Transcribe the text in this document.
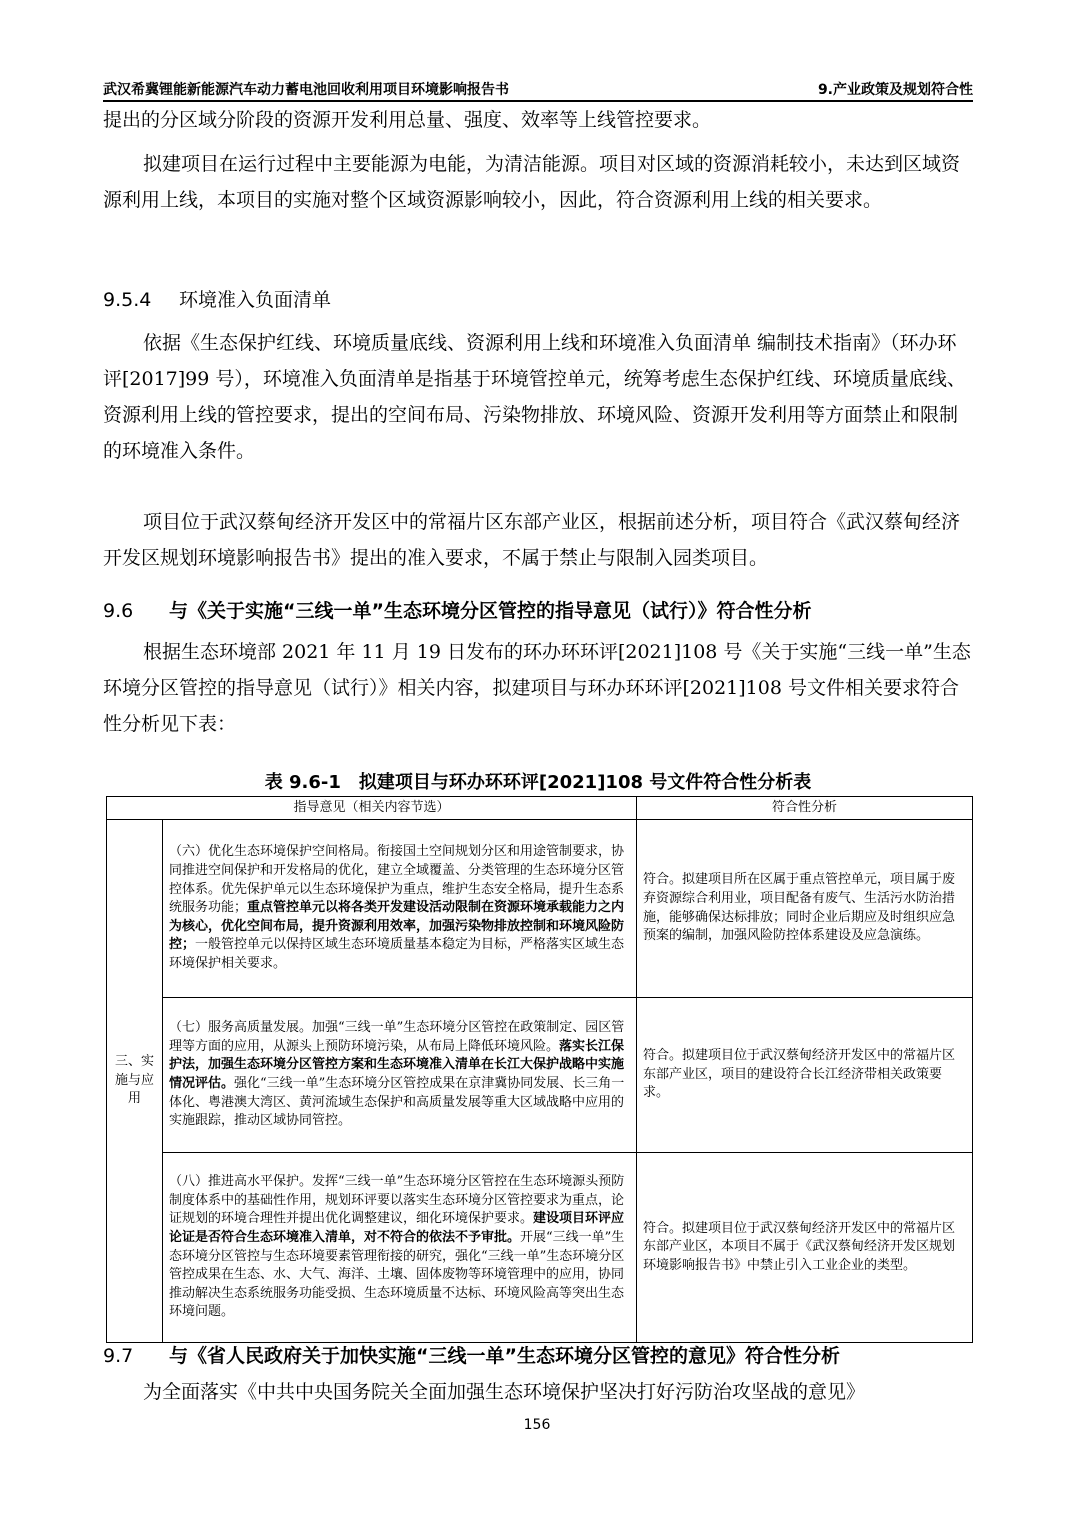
武汉希冀锂能新能源汽车动力蓄电池回收利用项目环境影响报告书	9.产业政策及规划符合性

提出的分区域分阶段的资源开发利用总量、强度、效率等上线管控要求。

拟建项目在运行过程中主要能源为电能，为清洁能源。项目对区域的资源消耗较小，未达到区域资源利用上线，本项目的实施对整个区域资源影响较小，因此，符合资源利用上线的相关要求。

9.5.4 环境准入负面清单

依据《生态保护红线、环境质量底线、资源利用上线和环境准入负面清单 编制技术指南》（环办环评[2017]99 号），环境准入负面清单是指基于环境管控单元，统筹考虑生态保护红线、环境质量底线、资源利用上线的管控要求，提出的空间布局、污染物排放、环境风险、资源开发利用等方面禁止和限制的环境准入条件。

项目位于武汉蔡甸经济开发区中的常福片区东部产业区，根据前述分析，项目符合《武汉蔡甸经济开发区规划环境影响报告书》提出的准入要求，不属于禁止与限制入园类项目。

9.6 与《关于实施“三线一单”生态环境分区管控的指导意见（试行）》符合性分析

根据生态环境部 2021 年 11 月 19 日发布的环办环环评[2021]108 号《关于实施“三线一单”生态环境分区管控的指导意见（试行）》相关内容，拟建项目与环办环环评[2021]108 号文件相关要求符合性分析见下表：

表 9.6-1　拟建项目与环办环环评[2021]108 号文件符合性分析表
指导意见（相关内容节选）		符合性分析
三、实施与应用	（六）优化生态环境保护空间格局。衔接国土空间规划分区和用途管制要求，协同推进空间保护和开发格局的优化，建立全域覆盖、分类管理的生态环境分区管控体系。优先保护单元以生态环境保护为重点，维护生态安全格局，提升生态系统服务功能；重点管控单元以将各类开发建设活动限制在资源环境承载能力之内为核心，优化空间布局，提升资源利用效率，加强污染物排放控制和环境风险防控；一般管控单元以保持区域生态环境质量基本稳定为目标，严格落实区域生态环境保护相关要求。	符合。拟建项目所在区属于重点管控单元，项目属于废弃资源综合利用业，项目配备有废气、生活污水防治措施，能够确保达标排放；同时企业后期应及时组织应急预案的编制，加强风险防控体系建设及应急演练。
	（七）服务高质量发展。加强“三线一单”生态环境分区管控在政策制定、园区管理等方面的应用，从源头上预防环境污染，从布局上降低环境风险。落实长江保护法，加强生态环境分区管控方案和生态环境准入清单在长江大保护战略中实施情况评估。强化“三线一单”生态环境分区管控成果在京津冀协同发展、长三角一体化、粤港澳大湾区、黄河流域生态保护和高质量发展等重大区域战略中应用的实施跟踪，推动区域协同管控。	符合。拟建项目位于武汉蔡甸经济开发区中的常福片区东部产业区，项目的建设符合长江经济带相关政策要求。
	（八）推进高水平保护。发挥“三线一单”生态环境分区管控在生态环境源头预防制度体系中的基础性作用，规划环评要以落实生态环境分区管控要求为重点，论证规划的环境合理性并提出优化调整建议，细化环境保护要求。建设项目环评应论证是否符合生态环境准入清单，对不符合的依法不予审批。开展“三线一单”生态环境分区管控与生态环境要素管理衔接的研究，强化“三线一单”生态环境分区管控成果在生态、水、大气、海洋、土壤、固体废物等环境管理中的应用，协同推动解决生态系统服务功能受损、生态环境质量不达标、环境风险高等突出生态环境问题。	符合。拟建项目位于武汉蔡甸经济开发区中的常福片区东部产业区，本项目不属于《武汉蔡甸经济开发区规划环境影响报告书》中禁止引入工业企业的类型。
9.7 与《省人民政府关于加快实施“三线一单”生态环境分区管控的意见》符合性分析

为全面落实《中共中央国务院关全面加强生态环境保护坚决打好污防治攻坚战的意见》

156
